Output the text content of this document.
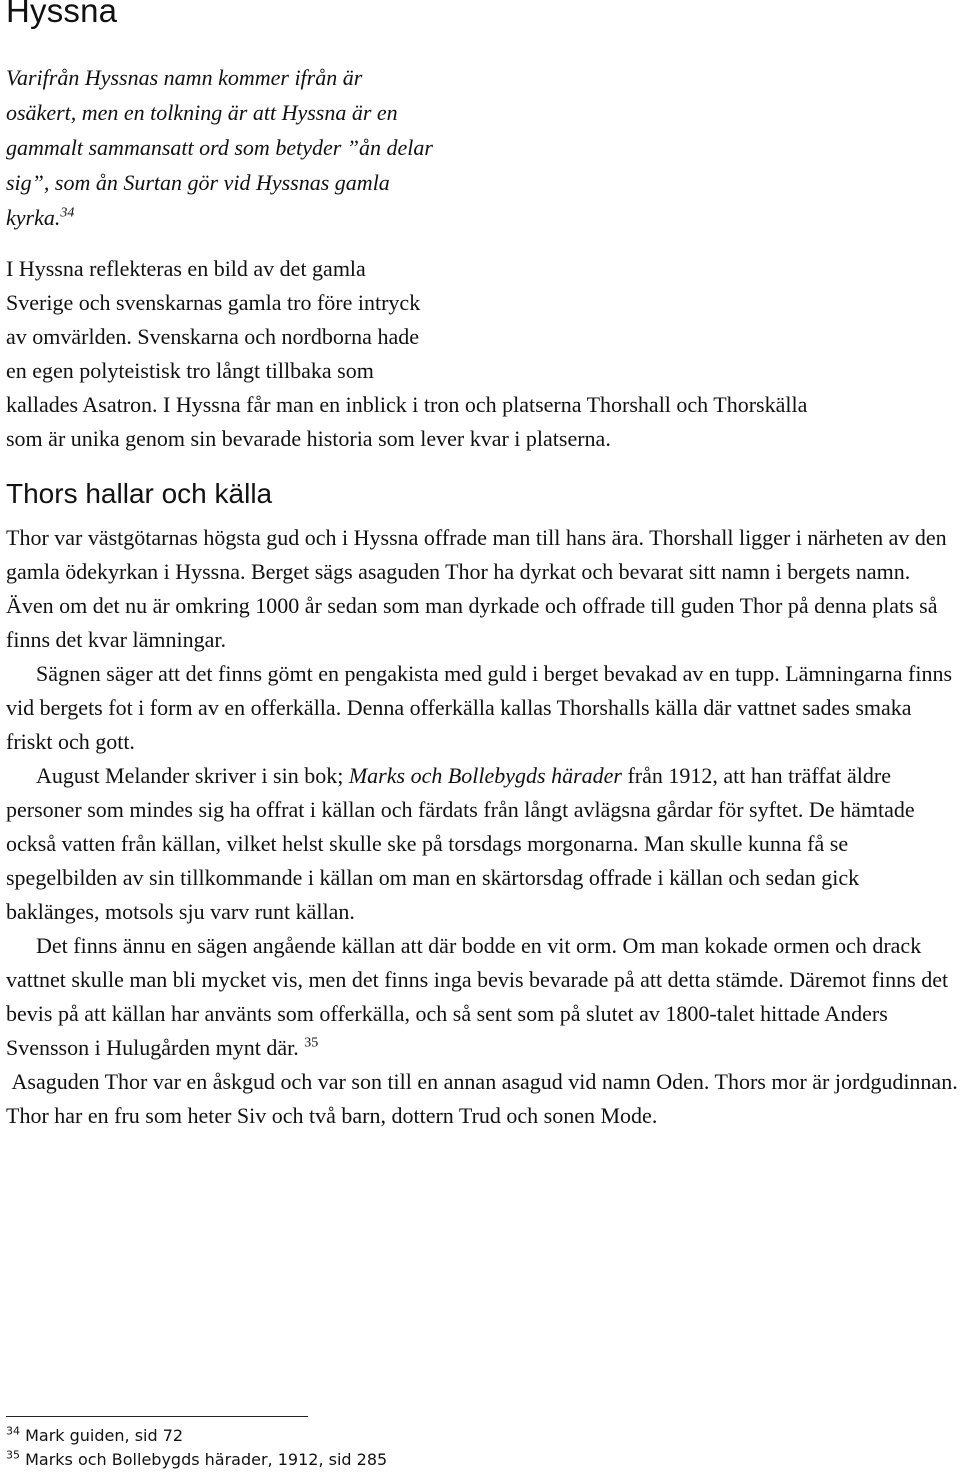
Hyssna

Varifrån Hyssnas namn kommer ifrån är
osäkert, men en tolkning är att Hyssna är en
gammalt sammansatt ord som betyder ”ån delar
sig”, som ån Surtan gör vid Hyssnas gamla
kyrka.$^{34}$

I Hyssna reflekteras en bild av det gamla
Sverige och svenskarnas gamla tro före intryck
av omvärlden. Svenskarna och nordborna hade
en egen polyteistisk tro långt tillbaka som
kallades Asatron. I Hyssna får man en inblick i tron och platserna Thorshall och Thorskälla
som är unika genom sin bevarade historia som lever kvar i platserna.

Thors hallar och källa
Thor var västgötarnas högsta gud och i Hyssna offrade man till hans ära. Thorshall ligger i närheten av den gamla ödekyrkan i Hyssna. Berget sägs asaguden Thor ha dyrkat och bevarat sitt namn i bergets namn. Även om det nu är omkring 1000 år sedan som man dyrkade och offrade till guden Thor på denna plats så finns det kvar lämningar.
Sägnen säger att det finns gömt en pengakista med guld i berget bevakad av en tupp. Lämningarna finns vid bergets fot i form av en offerkälla. Denna offerkälla kallas Thorshalls källa där vattnet sades smaka friskt och gott.
August Melander skriver i sin bok; Marks och Bollebygds härader från 1912, att han träffat äldre personer som mindes sig ha offrat i källan och färdats från långt avlägsna gårdar för syftet. De hämtade också vatten från källan, vilket helst skulle ske på torsdags morgonarna. Man skulle kunna få se spegelbilden av sin tillkommande i källan om man en skärtorsdag offrade i källan och sedan gick baklänges, motsols sju varv runt källan.
Det finns ännu en sägen angående källan att där bodde en vit orm. Om man kokade ormen och drack vattnet skulle man bli mycket vis, men det finns inga bevis bevarade på att detta stämde. Däremot finns det bevis på att källan har använts som offerkälla, och så sent som på slutet av 1800-talet hittade Anders Svensson i Hulugården mynt där. $^{35}$
Asaguden Thor var en åskgud och var son till en annan asagud vid namn Oden. Thors mor är jordgudinnan. Thor har en fru som heter Siv och två barn, dottern Trud och sonen Mode.
$^{34}$ Mark guiden, sid 72
$^{35}$ Marks och Bollebygds härader, 1912, sid 285
